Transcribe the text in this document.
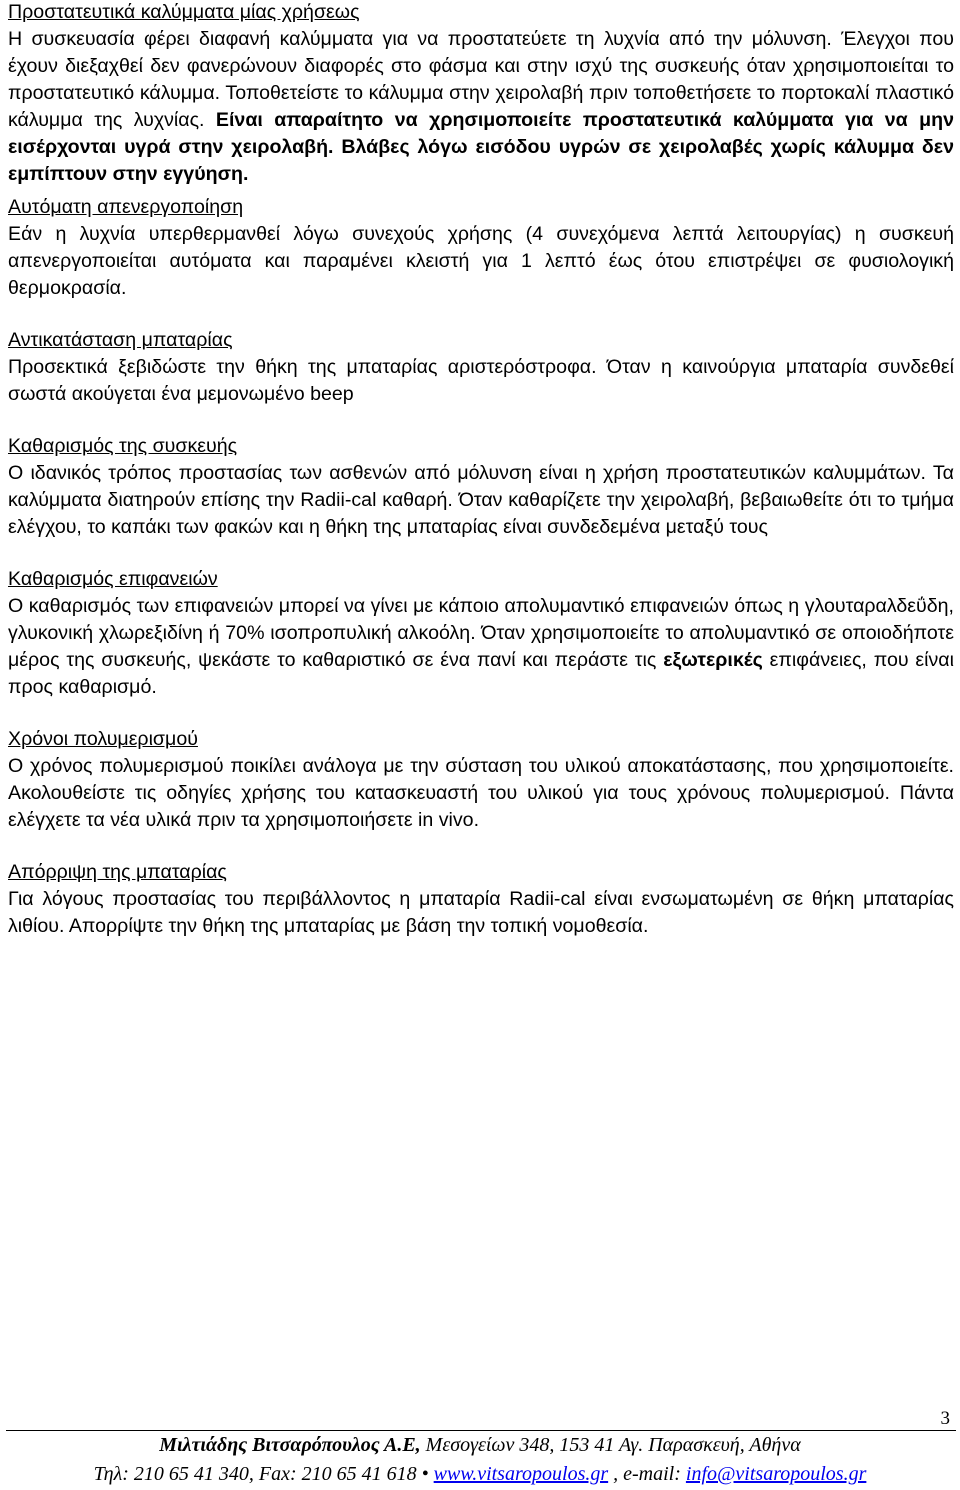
Προστατευτικά καλύμματα μίας χρήσεως

Η συσκευασία φέρει διαφανή καλύμματα για να προστατεύετε τη λυχνία από την μόλυνση. Έλεγχοι που έχουν διεξαχθεί δεν φανερώνουν διαφορές στο φάσμα και στην ισχύ της συσκευής όταν χρησιμοποιείται το προστατευτικό κάλυμμα. Τοποθετείστε το κάλυμμα στην χειρολαβή πριν τοποθετήσετε το πορτοκαλί πλαστικό κάλυμμα της λυχνίας. Είναι απαραίτητο να χρησιμοποιείτε προστατευτικά καλύμματα για να μην εισέρχονται υγρά στην χειρολαβή. Βλάβες λόγω εισόδου υγρών σε χειρολαβές χωρίς κάλυμμα δεν εμπίπτουν στην εγγύηση.

Αυτόματη απενεργοποίηση

Εάν η λυχνία υπερθερμανθεί λόγω συνεχούς χρήσης (4 συνεχόμενα λεπτά λειτουργίας) η συσκευή απενεργοποιείται αυτόματα και παραμένει κλειστή για 1 λεπτό έως ότου επιστρέψει σε φυσιολογική θερμοκρασία.

Αντικατάσταση μπαταρίας

Προσεκτικά ξεβιδώστε την θήκη της μπαταρίας αριστερόστροφα. Όταν η καινούργια μπαταρία συνδεθεί σωστά ακούγεται ένα μεμονωμένο beep

Καθαρισμός της συσκευής

Ο ιδανικός τρόπος προστασίας των ασθενών από μόλυνση είναι η χρήση προστατευτικών καλυμμάτων. Τα καλύμματα διατηρούν επίσης την Radii-cal καθαρή. Όταν καθαρίζετε την χειρολαβή, βεβαιωθείτε ότι το τμήμα ελέγχου, το καπάκι των φακών και η θήκη της μπαταρίας είναι συνδεδεμένα μεταξύ τους

Καθαρισμός επιφανειών

Ο καθαρισμός των επιφανειών μπορεί να γίνει με κάποιο απολυμαντικό επιφανειών όπως η γλουταραλδεΰδη, γλυκονική χλωρεξιδίνη ή 70% ισοπροπυλική αλκοόλη. Όταν χρησιμοποιείτε το απολυμαντικό σε οποιοδήποτε μέρος της συσκευής, ψεκάστε το καθαριστικό σε ένα πανί και περάστε τις εξωτερικές επιφάνειες, που είναι προς καθαρισμό.

Χρόνοι πολυμερισμού

Ο χρόνος πολυμερισμού ποικίλει ανάλογα με την σύσταση του υλικού αποκατάστασης, που χρησιμοποιείτε. Ακολουθείστε τις οδηγίες χρήσης του κατασκευαστή του υλικού για τους χρόνους πολυμερισμού. Πάντα ελέγχετε τα νέα υλικά πριν τα χρησιμοποιήσετε in vivo.

Απόρριψη της μπαταρίας

Για λόγους προστασίας του περιβάλλοντος η μπαταρία Radii-cal είναι ενσωματωμένη σε θήκη μπαταρίας λιθίου. Απορρίψτε την θήκη της μπαταρίας με βάση την τοπική νομοθεσία.

3
Μιλτιάδης Βιτσαρόπουλος Α.Ε, Μεσογείων 348, 153 41 Αγ. Παρασκευή, Αθήνα
Τηλ: 210 65 41 340, Fax: 210 65 41 618 • www.vitsaropoulos.gr , e-mail: info@vitsaropoulos.gr
